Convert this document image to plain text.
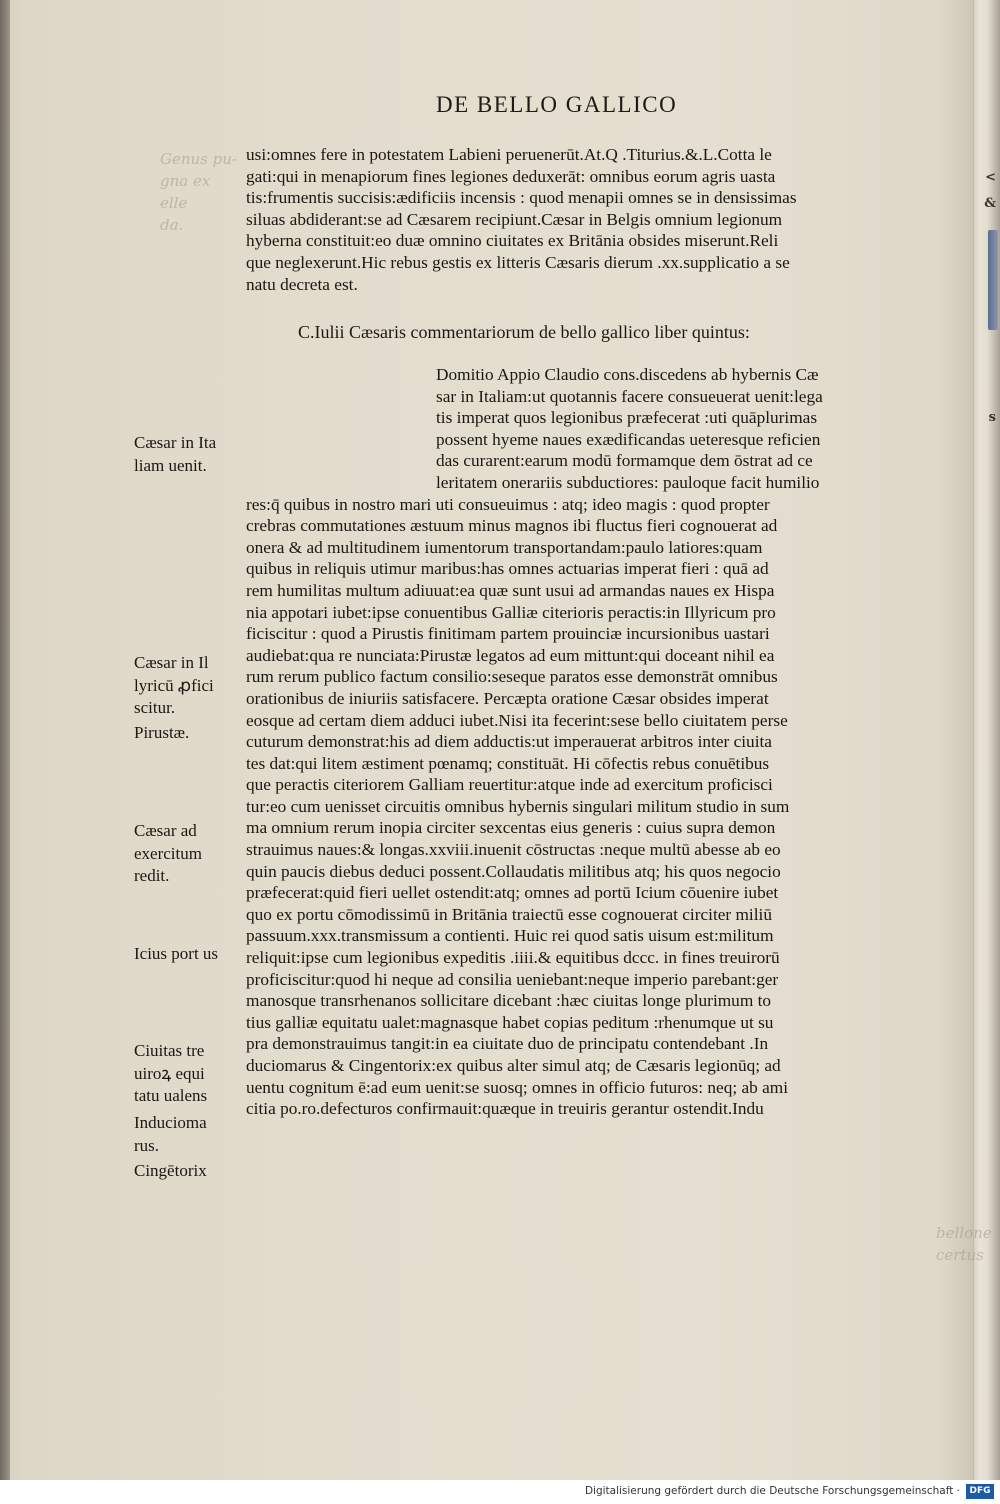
<
&
s
Genus pu-
gna ex elle
da.
bellone
certus
DE BELLO GALLICO
usi:omnes fere in potestatem Labieni peruenerūt.At.Q .Titurius.&.L.Cotta le
gati:qui in menapiorum fines legiones deduxerāt: omnibus eorum agris uasta
tis:frumentis succisis:ædificiis incensis : quod menapii omnes se in densissimas
siluas abdiderant:se ad Cæsarem recipiunt.Cæsar in Belgis omnium legionum
hyberna constituit:eo duæ omnino ciuitates ex Britānia obsides miserunt.Reli
que neglexerunt.Hic rebus gestis ex litteris Cæsaris dierum .xx.supplicatio a se
natu decreta est.
C.Iulii Cæsaris commentariorum de bello gallico liber quintus:
Domitio Appio Claudio cons.discedens ab hybernis Cæ
sar in Italiam:ut quotannis facere consueuerat uenit:lega
tis imperat quos legionibus præfecerat :uti quāplurimas
possent hyeme naues exædificandas ueteresque reficien
das curarent:earum modū formamque dem ōstrat ad ce
leritatem onerariis subductiores: pauloque facit humilio
res:q̄ quibus in nostro mari uti consueuimus : atq; ideo magis : quod propter
crebras commutationes æstuum minus magnos ibi fluctus fieri cognouerat ad
onera & ad multitudinem iumentorum transportandam:paulo latiores:quam
quibus in reliquis utimur maribus:has omnes actuarias imperat fieri : quā ad
rem humilitas multum adiuuat:ea quæ sunt usui ad armandas naues ex Hispa
nia appotari iubet:ipse conuentibus Galliæ citerioris peractis:in Illyricum pro
ficiscitur : quod a Pirustis finitimam partem prouinciæ incursionibus uastari
audiebat:qua re nunciata:Pirustæ legatos ad eum mittunt:qui doceant nihil ea
rum rerum publico factum consilio:seseque paratos esse demonstrāt omnibus
orationibus de iniuriis satisfacere. Percæpta oratione Cæsar obsides imperat
eosque ad certam diem adduci iubet.Nisi ita fecerint:sese bello ciuitatem perse
cuturum demonstrat:his ad diem adductis:ut imperauerat arbitros inter ciuita
tes dat:qui litem æstiment pœnamq; constituāt. Hi cōfectis rebus conuētibus
que peractis citeriorem Galliam reuertitur:atque inde ad exercitum proficisci
tur:eo cum uenisset circuitis omnibus hybernis singulari militum studio in sum
ma omnium rerum inopia circiter sexcentas eius generis : cuius supra demon
strauimus naues:& longas.xxviii.inuenit cōstructas :neque multū abesse ab eo
quin paucis diebus deduci possent.Collaudatis militibus atq; his quos negocio
præfecerat:quid fieri uellet ostendit:atq; omnes ad portū Icium cōuenire iubet
quo ex portu cōmodissimū in Britānia traiectū esse cognouerat circiter miliū
passuum.xxx.transmissum a contienti. Huic rei quod satis uisum est:militum
reliquit:ipse cum legionibus expeditis .iiii.& equitibus dccc. in fines treuirorū
proficiscitur:quod hi neque ad consilia ueniebant:neque imperio parebant:ger
manosque transrhenanos sollicitare dicebant :hæc ciuitas longe plurimum to
tius galliæ equitatu ualet:magnasque habet copias peditum :rhenumque ut su
pra demonstrauimus tangit:in ea ciuitate duo de principatu contendebant .In
duciomarus & Cingentorix:ex quibus alter simul atq; de Cæsaris legionūq; ad
uentu cognitum ē:ad eum uenit:se suosq; omnes in officio futuros: neq; ab ami
citia po.ro.defecturos confirmauit:quæque in treuiris gerantur ostendit.Indu
Cæsar in Ita
liam uenit.
Cæsar in Il
lyricū ꝓfici
scitur.
Pirustæ.
Cæsar ad
exercitum
redit.
Icius port us
Ciuitas tre
uiroꝝ equi
tatu ualens
Inducioma
rus.
Cingētorix
Digitalisierung gefördert durch die Deutsche Forschungsgemeinschaft ·	DFG
